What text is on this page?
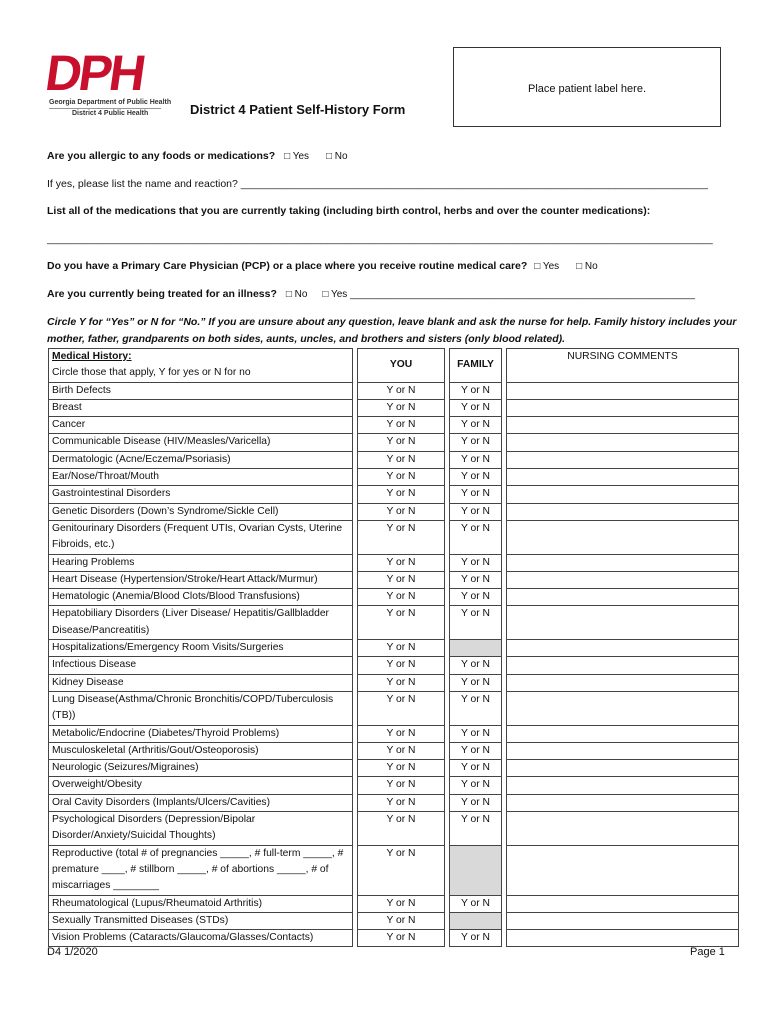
DPH
Georgia Department of Public Health
District 4 Public Health
Place patient label here.
District 4 Patient Self-History Form
Are you allergic to any foods or medications? □ Yes □ No
If yes, please list the name and reaction? ________________________________________________________________________________
List all of the medications that you are currently taking (including birth control, herbs and over the counter medications):
__________________________________________________________________________________________________________________
Do you have a Primary Care Physician (PCP) or a place where you receive routine medical care? □ Yes □ No
Are you currently being treated for an illness? □ No □ Yes ______________________________________________________________
Circle Y for “Yes” or N for “No.” If you are unsure about any question, leave blank and ask the nurse for help. Family history includes your mother, father, grandparents on both sides, aunts, uncles, and brothers and sisters (only blood related).
Medical History:
Circle those that apply, Y for yes or N for no		YOU		FAMILY		NURSING COMMENTS
Birth Defects		Y or N		Y or N		
Breast		Y or N		Y or N		
Cancer		Y or N		Y or N		
Communicable Disease (HIV/Measles/Varicella)		Y or N		Y or N		
Dermatologic (Acne/Eczema/Psoriasis)		Y or N		Y or N		
Ear/Nose/Throat/Mouth		Y or N		Y or N		
Gastrointestinal Disorders		Y or N		Y or N		
Genetic Disorders (Down’s Syndrome/Sickle Cell)		Y or N		Y or N		
Genitourinary Disorders (Frequent UTIs, Ovarian Cysts, Uterine Fibroids, etc.)		Y or N		Y or N		
Hearing Problems		Y or N		Y or N		
Heart Disease (Hypertension/Stroke/Heart Attack/Murmur)		Y or N		Y or N		
Hematologic (Anemia/Blood Clots/Blood Transfusions)		Y or N		Y or N		
Hepatobiliary Disorders (Liver Disease/ Hepatitis/Gallbladder Disease/Pancreatitis)		Y or N		Y or N		
Hospitalizations/Emergency Room Visits/Surgeries		Y or N				
Infectious Disease		Y or N		Y or N		
Kidney Disease		Y or N		Y or N		
Lung Disease(Asthma/Chronic Bronchitis/COPD/Tuberculosis (TB))		Y or N		Y or N		
Metabolic/Endocrine (Diabetes/Thyroid Problems)		Y or N		Y or N		
Musculoskeletal (Arthritis/Gout/Osteoporosis)		Y or N		Y or N		
Neurologic (Seizures/Migraines)		Y or N		Y or N		
Overweight/Obesity		Y or N		Y or N		
Oral Cavity Disorders (Implants/Ulcers/Cavities)		Y or N		Y or N		
Psychological Disorders (Depression/Bipolar Disorder/Anxiety/Suicidal Thoughts)		Y or N		Y or N		
Reproductive (total # of pregnancies _____, # full-term _____, # premature ____, # stillborn _____, # of abortions _____, # of miscarriages ________		Y or N				
Rheumatological (Lupus/Rheumatoid Arthritis)		Y or N		Y or N		
Sexually Transmitted Diseases (STDs)		Y or N				
Vision Problems (Cataracts/Glaucoma/Glasses/Contacts)		Y or N		Y or N		
D4 1/2020	Page 1
